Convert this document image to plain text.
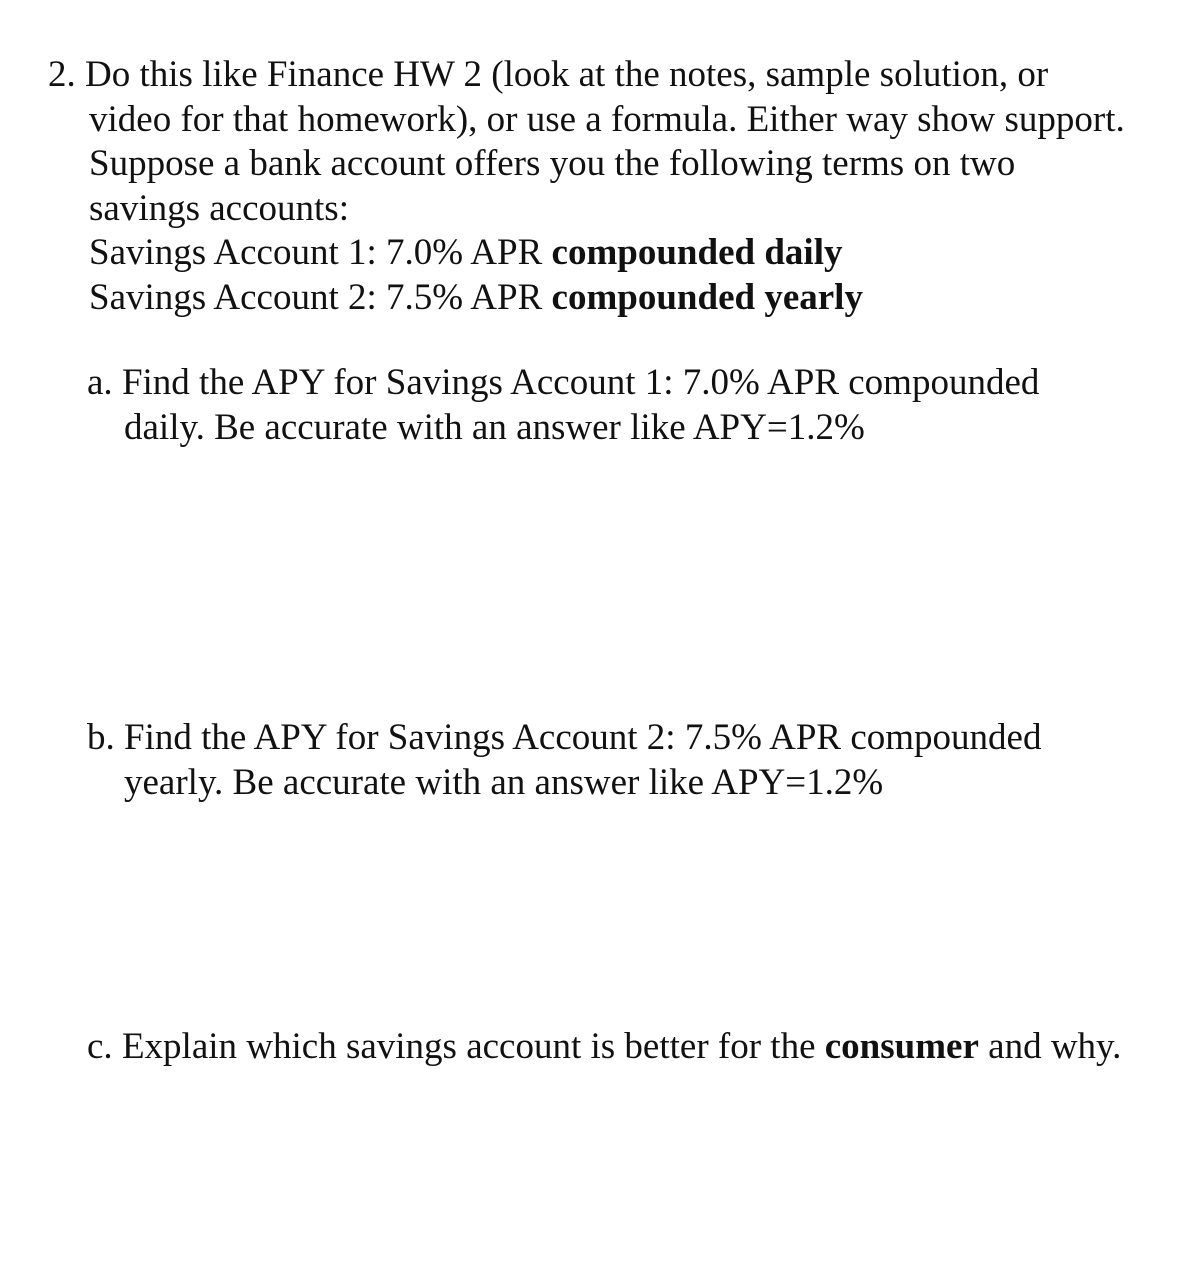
2. Do this like Finance HW 2 (look at the notes, sample solution, or
video for that homework), or use a formula. Either way show support.
Suppose a bank account offers you the following terms on two
savings accounts:
Savings Account 1: 7.0% APR compounded daily
Savings Account 2: 7.5% APR compounded yearly
a. Find the APY for Savings Account 1: 7.0% APR compounded
daily. Be accurate with an answer like APY=1.2%
b. Find the APY for Savings Account 2: 7.5% APR compounded
yearly. Be accurate with an answer like APY=1.2%
c. Explain which savings account is better for the consumer and why.
